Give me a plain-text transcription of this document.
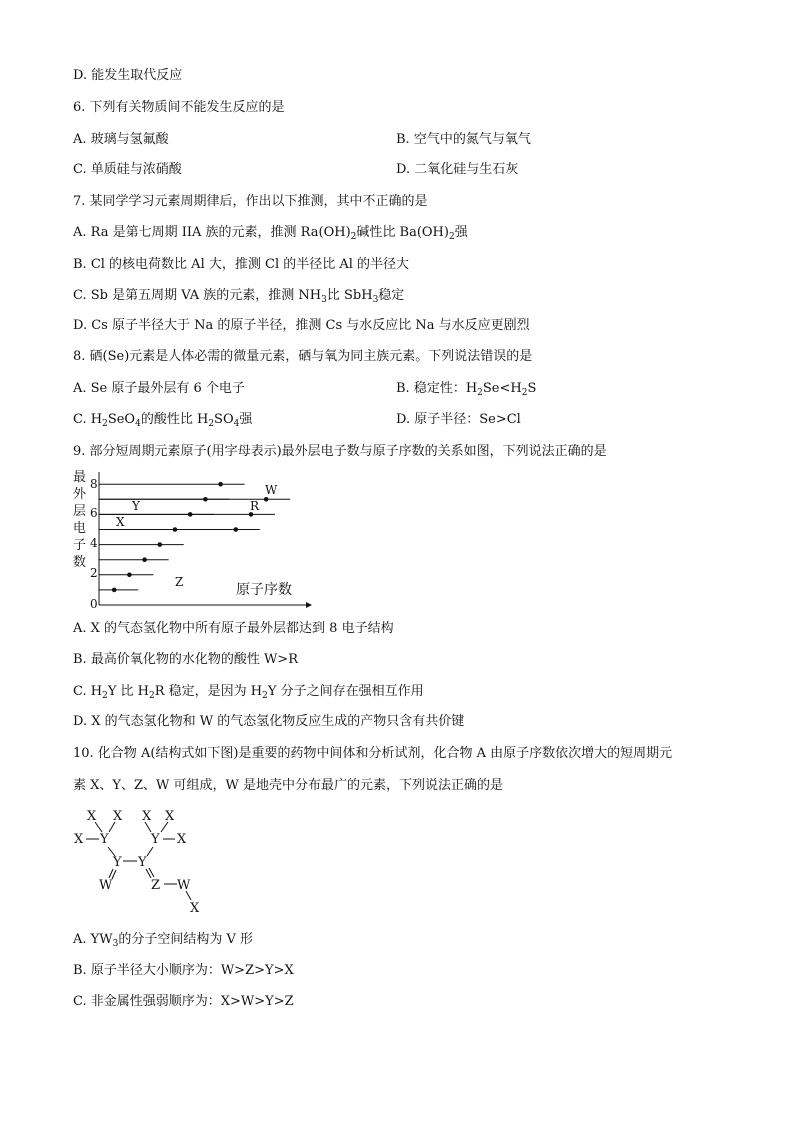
D. 能发生取代反应
6. 下列有关物质间不能发生反应的是
A. 玻璃与氢氟酸	B. 空气中的氮气与氧气
C. 单质硅与浓硝酸	D. 二氧化硅与生石灰
7. 某同学学习元素周期律后，作出以下推测，其中不正确的是
A. Ra 是第七周期 IIA 族的元素，推测 $Ra(OH)_2$碱性比 $Ba(OH)_2$强
B. Cl 的核电荷数比 Al 大，推测 Cl 的半径比 Al 的半径大
C. Sb 是第五周期 VA 族的元素，推测 $NH_3$比 SbH$_3$稳定
D. Cs 原子半径大于 Na 的原子半径，推测 Cs 与水反应比 Na 与水反应更剧烈
8. 硒(Se)元素是人体必需的微量元素，硒与氧为同主族元素。下列说法错误的是
A. Se 原子最外层有 6 个电子	B. 稳定性：$H_2Se<H_2S$
C. $H_2SeO_4$的酸性比 $H_2SO_4$强	D. 原子半径：Se>Cl
9. 部分短周期元素原子(用字母表示)最外层电子数与原子序数的关系如图，下列说法正确的是
最
外
层
电
子
数
8
6
4
2
0
W
Y	R
X
Z	原子序数
A. X 的气态氢化物中所有原子最外层都达到 8 电子结构
B. 最高价氧化物的水化物的酸性 W>R
C. $H_2Y$ 比 $H_2R$ 稳定，是因为 $H_2Y$ 分子之间存在强相互作用
D. X 的气态氢化物和 W 的气态氢化物反应生成的产物只含有共价键
10. 化合物 A(结构式如下图)是重要的药物中间体和分析试剂，化合物 A 由原子序数依次增大的短周期元
素 X、Y、Z、W 可组成，W 是地壳中分布最广的元素，下列说法正确的是
X X X X
X Y	Y X
Y Y
W	Z W
X
A. $YW_3$的分子空间结构为 V 形
B. 原子半径大小顺序为：W>Z>Y>X
C. 非金属性强弱顺序为：X>W>Y>Z
